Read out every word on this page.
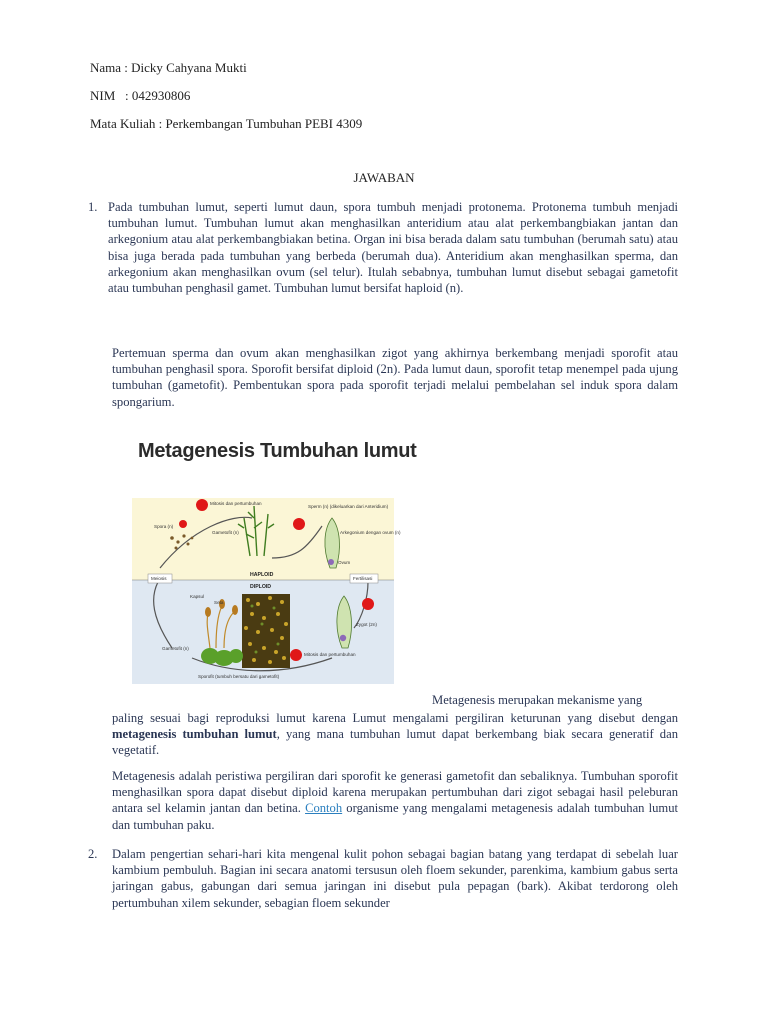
Nama : Dicky Cahyana Mukti
NIM   : 042930806
Mata Kuliah : Perkembangan Tumbuhan PEBI 4309
JAWABAN
1. Pada tumbuhan lumut, seperti lumut daun, spora tumbuh menjadi protonema. Protonema tumbuh menjadi tumbuhan lumut. Tumbuhan lumut akan menghasilkan anteridium atau alat perkembangbiakan jantan dan arkegonium atau alat perkembangbiakan betina. Organ ini bisa berada dalam satu tumbuhan (berumah satu) atau bisa juga berada pada tumbuhan yang berbeda (berumah dua). Anteridium akan menghasilkan sperma, dan arkegonium akan menghasilkan ovum (sel telur). Itulah sebabnya, tumbuhan lumut disebut sebagai gametofit atau tumbuhan penghasil gamet. Tumbuhan lumut bersifat haploid (n).
Pertemuan sperma dan ovum akan menghasilkan zigot yang akhirnya berkembang menjadi sporofit atau tumbuhan penghasil spora. Sporofit bersifat diploid (2n). Pada lumut daun, sporofit tetap menempel pada ujung tumbuhan (gametofit). Pembentukan spora pada sporofit terjadi melalui pembelahan sel induk spora dalam spongarium.
Metagenesis Tumbuhan lumut
Mitosis dan pertumbuhan
Spora (n)
Gametofit (n)
Sperm (n) (dikeluarkan dari Anteridium)
Arkegonium dengan ovum (n)
Ovum
Meiosis
HAPLOID
DIPLOID
Fertilisasi
Kapsul
Seta
Zygot (2n)
Gametofit (n)
Mitosis dan pertumbuhan
Sporofit (tumbuh bersatu dari gametofit)
Metagenesis merupakan mekanisme yang
paling sesuai bagi reproduksi lumut karena Lumut mengalami pergiliran keturunan yang disebut dengan metagenesis tumbuhan lumut, yang mana tumbuhan lumut dapat berkembang biak secara generatif dan vegetatif.
Metagenesis adalah peristiwa pergiliran dari sporofit ke generasi gametofit dan sebaliknya. Tumbuhan sporofit menghasilkan spora dapat disebut diploid karena merupakan pertumbuhan dari zigot sebagai hasil peleburan antara sel kelamin jantan dan betina. Contoh organisme yang mengalami metagenesis adalah tumbuhan lumut dan tumbuhan paku.
2. Dalam pengertian sehari-hari kita mengenal kulit pohon sebagai bagian batang yang terdapat di sebelah luar kambium pembuluh. Bagian ini secara anatomi tersusun oleh floem sekunder, parenkima, kambium gabus serta jaringan gabus, gabungan dari semua jaringan ini disebut pula pepagan (bark). Akibat terdorong oleh pertumbuhan xilem sekunder, sebagian floem sekunder
